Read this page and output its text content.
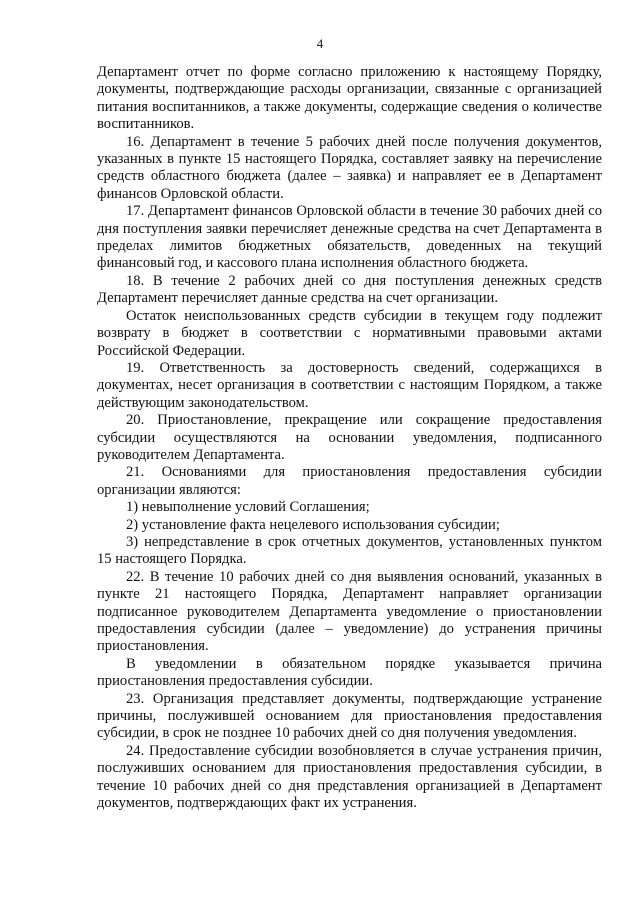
4

Департамент отчет по форме согласно приложению к настоящему Порядку, документы, подтверждающие расходы организации, связанные с организацией питания воспитанников, а также документы, содержащие сведения о количестве воспитанников.

16. Департамент в течение 5 рабочих дней после получения документов, указанных в пункте 15 настоящего Порядка, составляет заявку на перечисление средств областного бюджета (далее – заявка) и направляет ее в Департамент финансов Орловской области.

17. Департамент финансов Орловской области в течение 30 рабочих дней со дня поступления заявки перечисляет денежные средства на счет Департамента в пределах лимитов бюджетных обязательств, доведенных на текущий финансовый год, и кассового плана исполнения областного бюджета.

18. В течение 2 рабочих дней со дня поступления денежных средств Департамент перечисляет данные средства на счет организации.

Остаток неиспользованных средств субсидии в текущем году подлежит возврату в бюджет в соответствии с нормативными правовыми актами Российской Федерации.

19. Ответственность за достоверность сведений, содержащихся в документах, несет организация в соответствии с настоящим Порядком, а также действующим законодательством.

20. Приостановление, прекращение или сокращение предоставления субсидии осуществляются на основании уведомления, подписанного руководителем Департамента.

21. Основаниями для приостановления предоставления субсидии организации являются:

1) невыполнение условий Соглашения;

2) установление факта нецелевого использования субсидии;

3) непредставление в срок отчетных документов, установленных пунктом 15 настоящего Порядка.

22. В течение 10 рабочих дней со дня выявления оснований, указанных в пункте 21 настоящего Порядка, Департамент направляет организации подписанное руководителем Департамента уведомление о приостановлении предоставления субсидии (далее – уведомление) до устранения причины приостановления.

В уведомлении в обязательном порядке указывается причина приостановления предоставления субсидии.

23. Организация представляет документы, подтверждающие устранение причины, послужившей основанием для приостановления предоставления субсидии, в срок не позднее 10 рабочих дней со дня получения уведомления.

24. Предоставление субсидии возобновляется в случае устранения причин, послуживших основанием для приостановления предоставления субсидии, в течение 10 рабочих дней со дня представления организацией в Департамент документов, подтверждающих факт их устранения.
